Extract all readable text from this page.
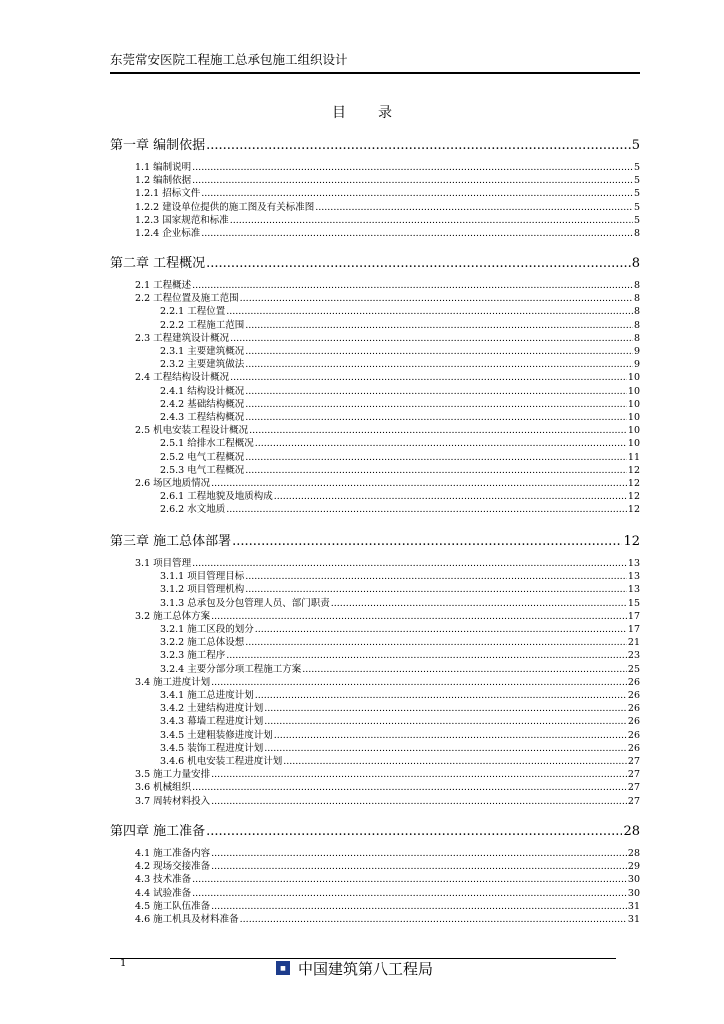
东莞常安医院工程施工总承包施工组织设计
目录
第一章 编制依据 .....	5
1.1 编制说明 .....	5
1.2 编制依据 .....	5
1.2.1 招标文件 .....	5
1.2.2 建设单位提供的施工图及有关标准图 .....	5
1.2.3 国家规范和标准 .....	5
1.2.4 企业标准 .....	8
第二章 工程概况 .....	8
2.1 工程概述 .....	8
2.2 工程位置及施工范围 .....	8
2.2.1 工程位置 .....	8
2.2.2 工程施工范围 .....	8
2.3 工程建筑设计概况 .....	8
2.3.1 主要建筑概况 .....	9
2.3.2 主要建筑做法 .....	9
2.4 工程结构设计概况 .....	10
2.4.1 结构设计概况 .....	10
2.4.2 基础结构概况 .....	10
2.4.3 工程结构概况 .....	10
2.5 机电安装工程设计概况 .....	10
2.5.1 给排水工程概况 .....	10
2.5.2 电气工程概况 .....	11
2.5.3 电气工程概况 .....	12
2.6 场区地质情况 .....	12
2.6.1 工程地貌及地质构成 .....	12
2.6.2 水文地质 .....	12
第三章 施工总体部署 .....	12
3.1 项目管理 .....	13
3.1.1 项目管理目标 .....	13
3.1.2 项目管理机构 .....	13
3.1.3 总承包及分包管理人员、部门职责 .....	15
3.2 施工总体方案 .....	17
3.2.1 施工区段的划分 .....	17
3.2.2 施工总体设想 .....	21
3.2.3 施工程序 .....	23
3.2.4 主要分部分项工程施工方案 .....	25
3.4 施工进度计划 .....	26
3.4.1 施工总进度计划 .....	26
3.4.2 土建结构进度计划 .....	26
3.4.3 幕墙工程进度计划 .....	26
3.4.5 土建粗装修进度计划 .....	26
3.4.5 装饰工程进度计划 .....	26
3.4.6 机电安装工程进度计划 .....	27
3.5 施工力量安排 .....	27
3.6 机械组织 .....	27
3.7 周转材料投入 .....	27
第四章 施工准备 .....	28
4.1 施工准备内容 .....	28
4.2 现场交接准备 .....	29
4.3 技术准备 .....	30
4.4 试验准备 .....	30
4.5 施工队伍准备 .....	31
4.6 施工机具及材料准备 .....	31
1	■ 中国建筑第八工程局
